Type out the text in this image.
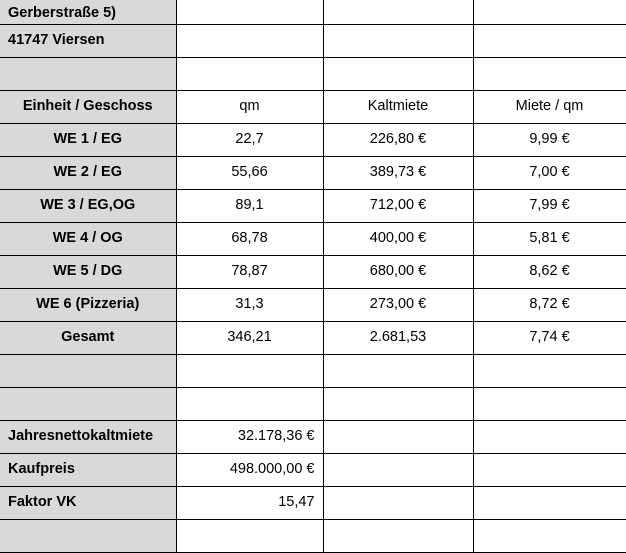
Gerberstraße 5)			

41747 Viersen			

Einheit / Geschoss	qm	Kaltmiete	Miete / qm
WE 1 / EG	22,7	226,80 €	9,99 €
WE 2 / EG	55,66	389,73 €	7,00 €
WE 3 / EG,OG	89,1	712,00 €	7,99 €
WE 4 / OG	68,78	400,00 €	5,81 €
WE 5 / DG	78,87	680,00 €	8,62 €
WE 6 (Pizzeria)	31,3	273,00 €	8,72 €
Gesamt	346,21	2.681,53	7,74 €

Jahresnettokaltmiete	32.178,36 €		
Kaufpreis	498.000,00 €		
Faktor VK	15,47		
